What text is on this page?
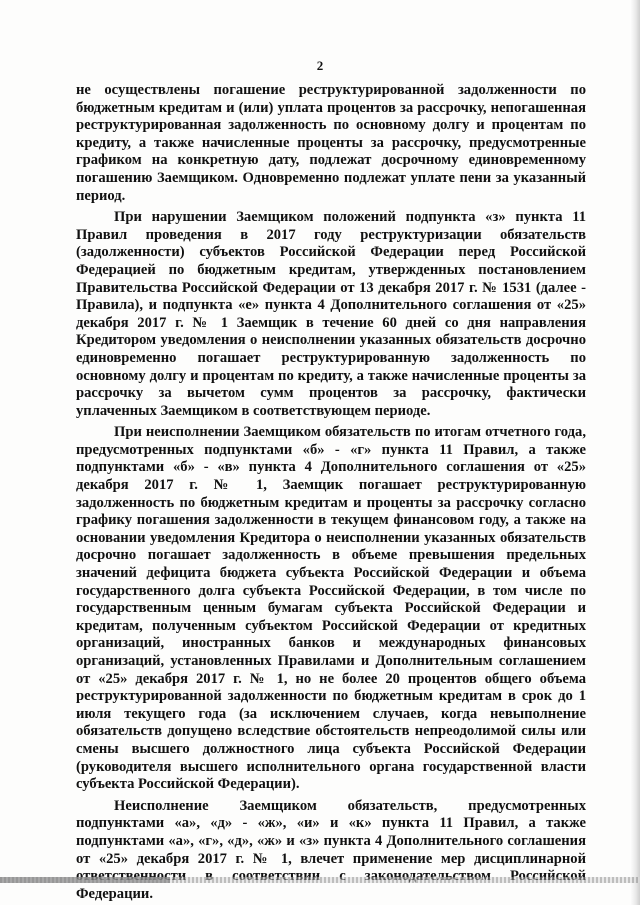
2

не осуществлены погашение реструктурированной задолженности по бюджетным кредитам и (или) уплата процентов за рассрочку, непогашенная реструктурированная задолженность по основному долгу и процентам по кредиту, а также начисленные проценты за рассрочку, предусмотренные графиком на конкретную дату, подлежат досрочному единовременному погашению Заемщиком. Одновременно подлежат уплате пени за указанный период.

При нарушении Заемщиком положений подпункта «з» пункта 11 Правил проведения в 2017 году реструктуризации обязательств (задолженности) субъектов Российской Федерации перед Российской Федерацией по бюджетным кредитам, утвержденных постановлением Правительства Российской Федерации от 13 декабря 2017 г. № 1531 (далее - Правила), и подпункта «е» пункта 4 Дополнительного соглашения от «25» декабря 2017 г. № 1 Заемщик в течение 60 дней со дня направления Кредитором уведомления о неисполнении указанных обязательств досрочно единовременно погашает реструктурированную задолженность по основному долгу и процентам по кредиту, а также начисленные проценты за рассрочку за вычетом сумм процентов за рассрочку, фактически уплаченных Заемщиком в соответствующем периоде.

При неисполнении Заемщиком обязательств по итогам отчетного года, предусмотренных подпунктами «б» - «г» пункта 11 Правил, а также подпунктами «б» - «в» пункта 4 Дополнительного соглашения от «25» декабря 2017 г. № 1, Заемщик погашает реструктурированную задолженность по бюджетным кредитам и проценты за рассрочку согласно графику погашения задолженности в текущем финансовом году, а также на основании уведомления Кредитора о неисполнении указанных обязательств досрочно погашает задолженность в объеме превышения предельных значений дефицита бюджета субъекта Российской Федерации и объема государственного долга субъекта Российской Федерации, в том числе по государственным ценным бумагам субъекта Российской Федерации и кредитам, полученным субъектом Российской Федерации от кредитных организаций, иностранных банков и международных финансовых организаций, установленных Правилами и Дополнительным соглашением от «25» декабря 2017 г. № 1, но не более 20 процентов общего объема реструктурированной задолженности по бюджетным кредитам в срок до 1 июля текущего года (за исключением случаев, когда невыполнение обязательств допущено вследствие обстоятельств непреодолимой силы или смены высшего должностного лица субъекта Российской Федерации (руководителя высшего исполнительного органа государственной власти субъекта Российской Федерации).

Неисполнение Заемщиком обязательств, предусмотренных подпунктами «а», «д» - «ж», «и» и «к» пункта 11 Правил, а также подпунктами «а», «г», «д», «ж» и «з» пункта 4 Дополнительного соглашения от «25» декабря 2017 г. № 1, влечет применение мер дисциплинарной Федерации.
